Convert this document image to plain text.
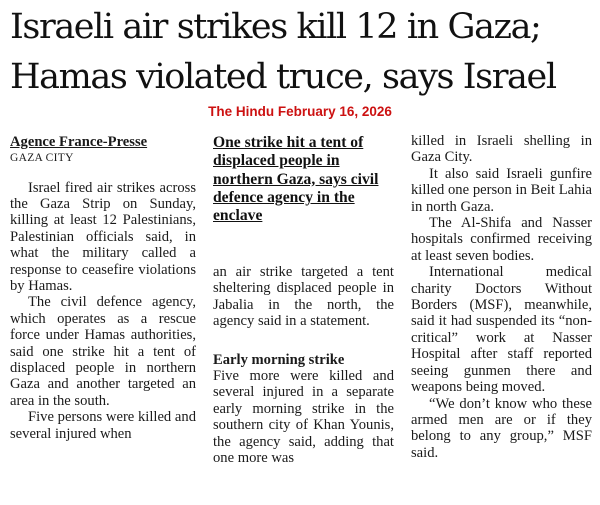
Israeli air strikes kill 12 in Gaza;
Hamas violated truce, says Israel
The Hindu February 16, 2026
Agence France-Presse
GAZA CITY

Israel fired air strikes across the Gaza Strip on Sunday, killing at least 12 Palestinians, Palestinian officials said, in what the military called a response to ceasefire violations by Hamas.

The civil defence agency, which operates as a rescue force under Hamas authorities, said one strike hit a tent of displaced people in northern Gaza and another targeted an area in the south.

Five persons were killed and several injured when

One strike hit a tent of displaced people in northern Gaza, says civil defence agency in the enclave

an air strike targeted a tent sheltering displaced people in Jabalia in the north, the agency said in a statement.

Early morning strike

Five more were killed and several injured in a separate early morning strike in the southern city of Khan Younis, the agency said, adding that one more was

killed in Israeli shelling in Gaza City.

It also said Israeli gunfire killed one person in Beit Lahia in north Gaza.

The Al-Shifa and Nasser hospitals confirmed receiving at least seven bodies.

International medical charity Doctors Without Borders (MSF), meanwhile, said it had suspended its “non-critical” work at Nasser Hospital after staff reported seeing gunmen there and weapons being moved.

“We don’t know who these armed men are or if they belong to any group,” MSF said.
